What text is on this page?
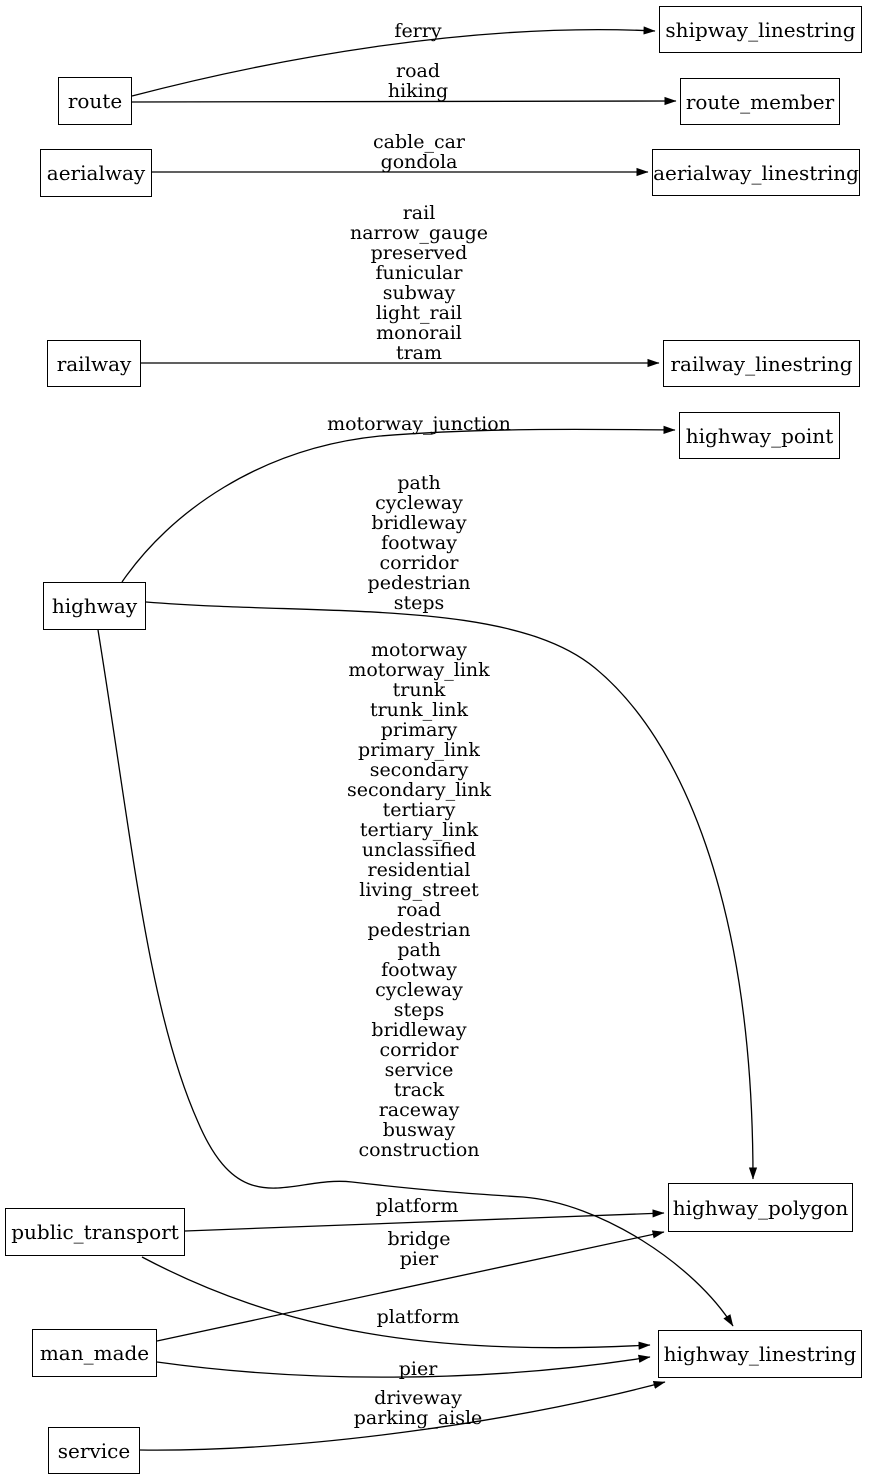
route
shipway_linestring
route_member
aerialway	aerialway_linestring
railway	railway_linestring
highway_point
highway
highway_polygon
public_transport
man_made	highway_linestring
service
ferry
road
hiking
cable_car
gondola
rail
narrow_gauge
preserved
funicular
subway
light_rail
monorail
tram
motorway_junction
path
cycleway
bridleway
footway
corridor
pedestrian
steps
motorway
motorway_link
trunk
trunk_link
primary
primary_link
secondary
secondary_link
tertiary
tertiary_link
unclassified
residential
living_street
road
pedestrian
path
footway
cycleway
steps
bridleway
corridor
service
track
raceway
busway
construction
platform
bridge
pier
platform
pier
driveway
parking_aisle
